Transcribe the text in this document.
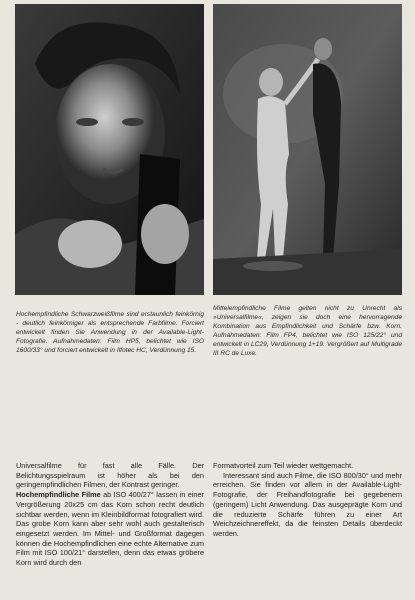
Hochempfindliche Schwarzweißfilme sind erstaunlich feinkörnig - deutlich feinkörniger als entsprechende Farbfilme. Forciert entwickelt finden Sie Anwendung in der Available-Light-Fotografie. Aufnahmedaten: Film HP5, belichtet wie ISO 1600/33° und forciert entwickelt in Ilfotec HC, Verdünnung 15.
Mittelempfindliche Filme gelten nicht zu Unrecht als »Universalfilme«, zeigen sie doch eine hervorragende Kombination aus Empfindlichkeit und Schärfe bzw. Korn. Aufnahmedaten: Film FP4, belichtet wie ISO 125/22° und entwickelt in LC29, Verdünnung 1+19. Vergrößert auf Multigrade III RC de Luxe.

Universalfilme für fast alle Fälle. Der Belichtungsspielraum ist höher als bei den geringempfindlichen Filmen, der Kontrast geringer.

Hochempfindliche Filme ab ISO 400/27° lassen in einer Vergrößerung 20x25 cm das Korn schon recht deutlich sichtbar werden, wenn im Kleinbildformat fotografiert wird. Das grobe Korn kann aber sehr wohl auch gestalterisch eingesetzt werden. Im Mittel- und Großformat dagegen können die Hochempfindlichen eine echte Alternative zum Film mit ISO 100/21° darstellen, denn das etwas gröbere Korn wird durch den

Formatvorteil zum Teil wieder wettgemacht.

Interessant sind auch Filme, die ISO 800/30° und mehr erreichen. Sie finden vor allem in der Available-Light-Fotografie, der Freihandfotografie bei gegebenem (geringem) Licht Anwendung. Das ausgeprägte Korn und die reduzierte Schärfe führen zu einer Art Weichzeichnereffekt, da die feinsten Details überdeckt werden.
